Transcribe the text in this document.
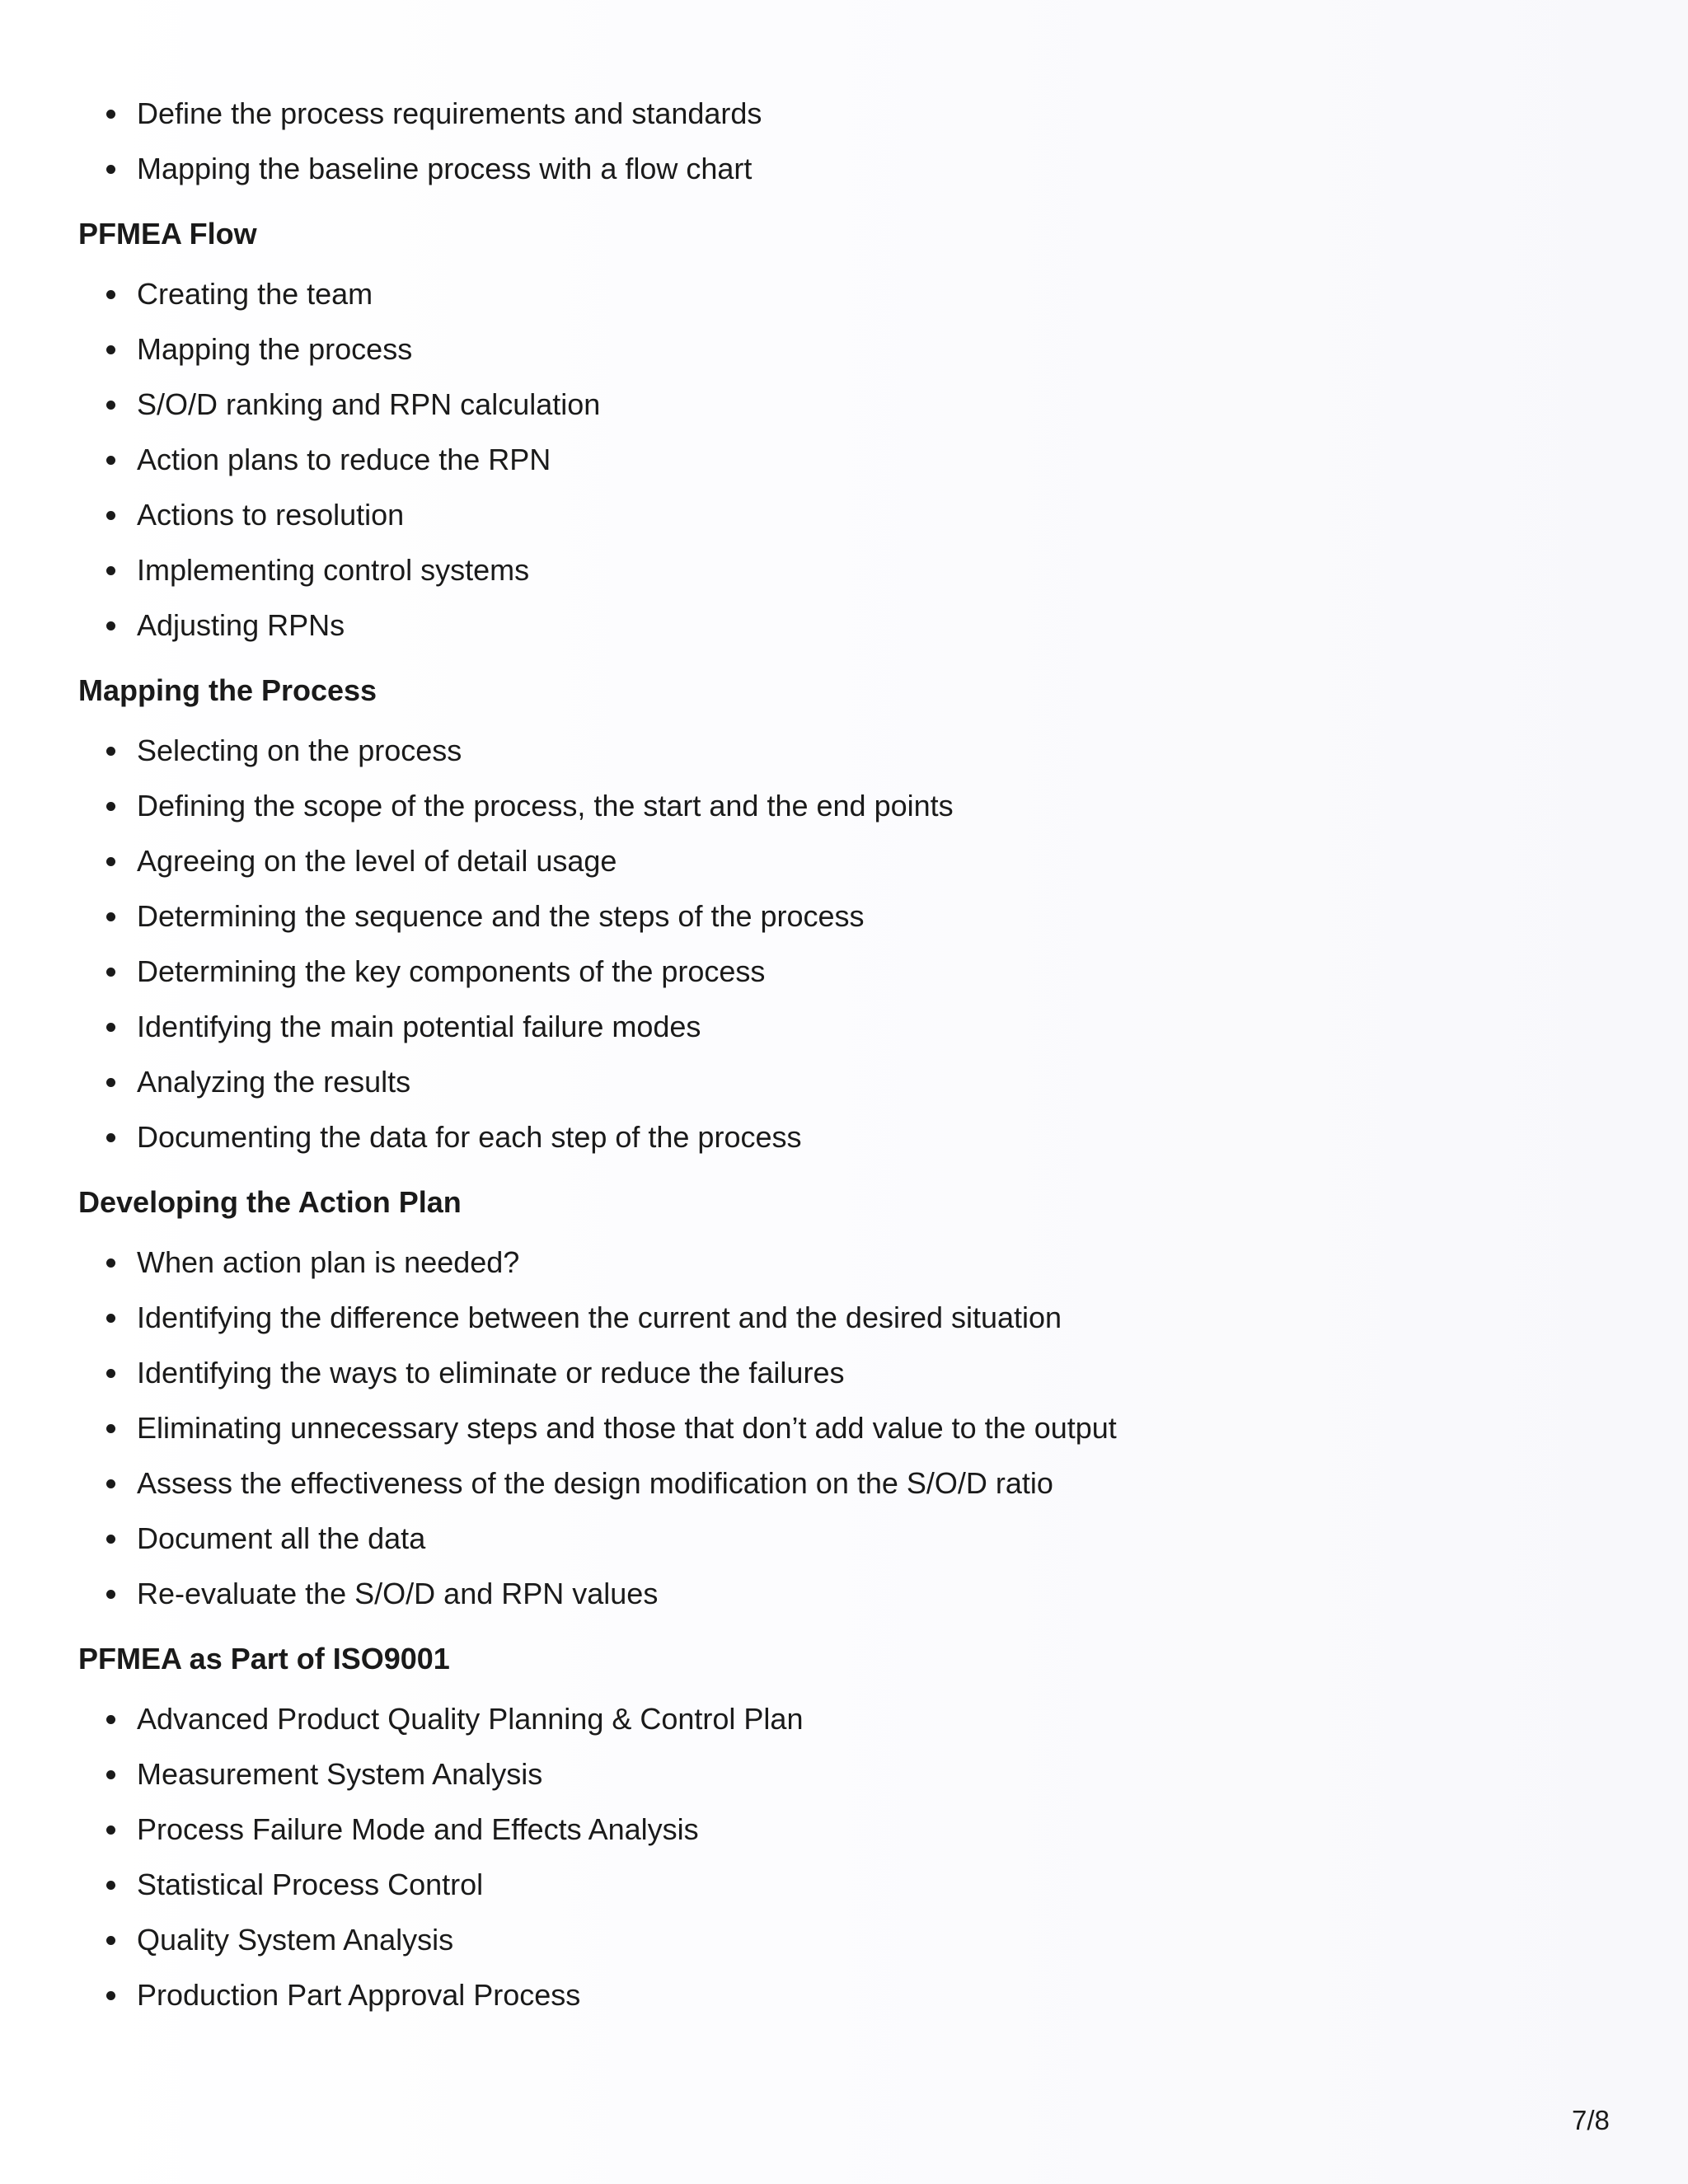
Define the process requirements and standards
Mapping the baseline process with a flow chart
PFMEA Flow
Creating the team
Mapping the process
S/O/D ranking and RPN calculation
Action plans to reduce the RPN
Actions to resolution
Implementing control systems
Adjusting RPNs
Mapping the Process
Selecting on the process
Defining the scope of the process, the start and the end points
Agreeing on the level of detail usage
Determining the sequence and the steps of the process
Determining the key components of the process
Identifying the main potential failure modes
Analyzing the results
Documenting the data for each step of the process
Developing the Action Plan
When action plan is needed?
Identifying the difference between the current and the desired situation
Identifying the ways to eliminate or reduce the failures
Eliminating unnecessary steps and those that don’t add value to the output
Assess the effectiveness of the design modification on the S/O/D ratio
Document all the data
Re-evaluate the S/O/D and RPN values
PFMEA as Part of ISO9001
Advanced Product Quality Planning & Control Plan
Measurement System Analysis
Process Failure Mode and Effects Analysis
Statistical Process Control
Quality System Analysis
Production Part Approval Process
7/8
